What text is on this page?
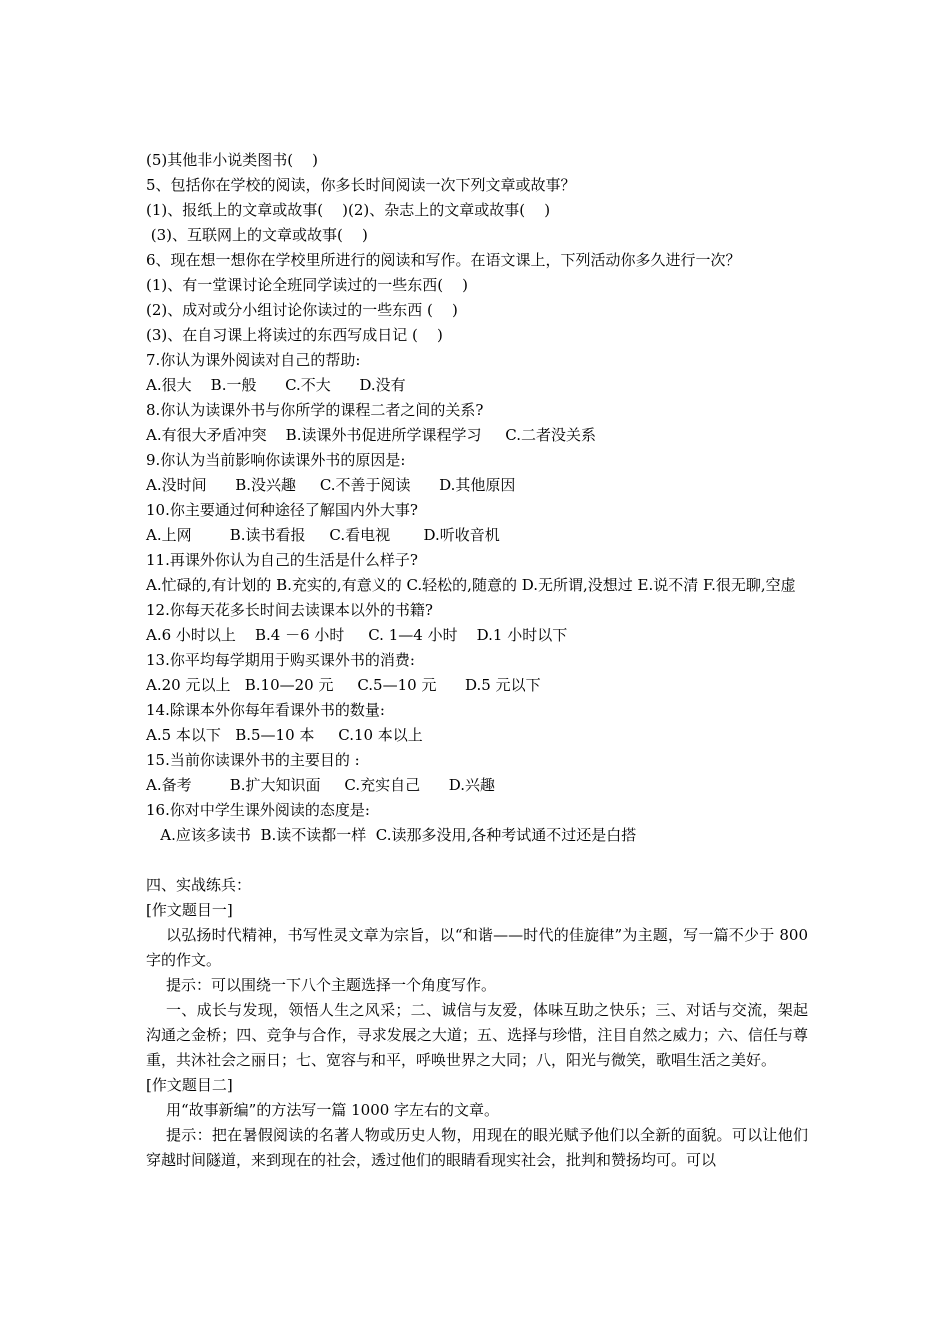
(5)其他非小说类图书(    )
5、包括你在学校的阅读，你多长时间阅读一次下列文章或故事？
(1)、报纸上的文章或故事(    )(2)、杂志上的文章或故事(    )
(3)、互联网上的文章或故事(    )
6、现在想一想你在学校里所进行的阅读和写作。在语文课上，下列活动你多久进行一次？
(1)、有一堂课讨论全班同学读过的一些东西(    )
(2)、成对或分小组讨论你读过的一些东西 (    )
(3)、在自习课上将读过的东西写成日记 (    )
7.你认为课外阅读对自己的帮助:
A.很大    B.一般      C.不大      D.没有
8.你认为读课外书与你所学的课程二者之间的关系?
A.有很大矛盾冲突    B.读课外书促进所学课程学习     C.二者没关系
9.你认为当前影响你读课外书的原因是:
A.没时间      B.没兴趣     C.不善于阅读      D.其他原因
10.你主要通过何种途径了解国内外大事?
A.上网        B.读书看报     C.看电视       D.听收音机
11.再课外你认为自己的生活是什么样子?
A.忙碌的,有计划的 B.充实的,有意义的 C.轻松的,随意的 D.无所谓,没想过 E.说不清 F.很无聊,空虚
12.你每天花多长时间去读课本以外的书籍?
A.6 小时以上    B.4 －6 小时     C. 1—4 小时    D.1 小时以下
13.你平均每学期用于购买课外书的消费:
A.20 元以上   B.10—20 元     C.5—10 元      D.5 元以下
14.除课本外你每年看课外书的数量:
A.5 本以下   B.5—10 本     C.10 本以上
15.当前你读课外书的主要目的 :
A.备考        B.扩大知识面     C.充实自己      D.兴趣
16.你对中学生课外阅读的态度是:
A.应该多读书  B.读不读都一样  C.读那多没用,各种考试通不过还是白搭
四、实战练兵：
[作文题目一]
以弘扬时代精神，书写性灵文章为宗旨，以“和谐——时代的佳旋律”为主题，写一篇不少于 800 字的作文。
提示：可以围绕一下八个主题选择一个角度写作。
一、成长与发现，领悟人生之风采；二、诚信与友爱，体味互助之快乐；三、对话与交流，架起沟通之金桥；四、竞争与合作，寻求发展之大道；五、选择与珍惜，注目自然之威力；六、信任与尊重，共沐社会之丽日；七、宽容与和平，呼唤世界之大同；八，阳光与微笑，歌唱生活之美好。
[作文题目二]
用“故事新编”的方法写一篇 1000 字左右的文章。
提示：把在暑假阅读的名著人物或历史人物，用现在的眼光赋予他们以全新的面貌。可以让他们穿越时间隧道，来到现在的社会，透过他们的眼睛看现实社会，批判和赞扬均可。可以
